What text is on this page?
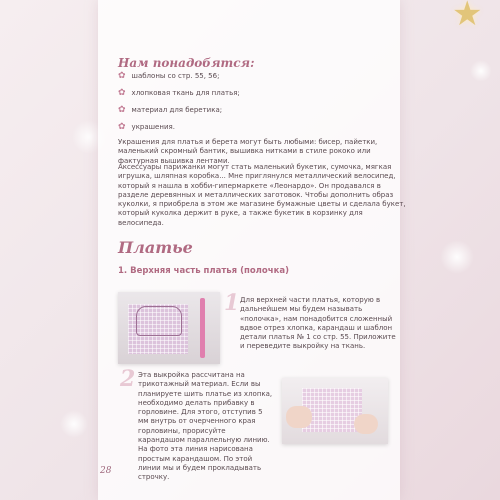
★
Нам понадобятся:
✿ шаблоны со стр. 55, 56;
✿ хлопковая ткань для платья;
✿ материал для беретика;
✿ украшения.

Украшения для платья и берета могут быть любыми: бисер, пайетки, маленький скромный бантик, вышивка нитками в стиле рококо или фактурная вышивка лентами.

Аксессуары парижанки могут стать маленький букетик, сумочка, мягкая игрушка, шляпная коробка... Мне приглянулся металлический велосипед, который я нашла в хобби-гипермаркете «Леонардо». Он продавался в разделе деревянных и металлических заготовок. Чтобы дополнить образ куколки, я приобрела в этом же магазине бумажные цветы и сделала букет, который куколка держит в руке, а также букетик в корзинку для велосипеда.

Платье
1. Верхняя часть платья (полочка)
1 Для верхней части платья, которую в дальнейшем мы будем называть «полочка», нам понадобится сложенный вдвое отрез хлопка, карандаш и шаблон детали платья № 1 со стр. 55. Приложите и переведите выкройку на ткань.

2 Эта выкройка рассчитана на трикотажный материал. Если вы планируете шить платье из хлопка, необходимо делать прибавку в горловине. Для этого, отступив 5 мм внутрь от очерченного края горловины, прорисуйте карандашом параллельную линию. На фото эта линия нарисована простым карандашом. По этой линии мы и будем прокладывать строчку.

28
